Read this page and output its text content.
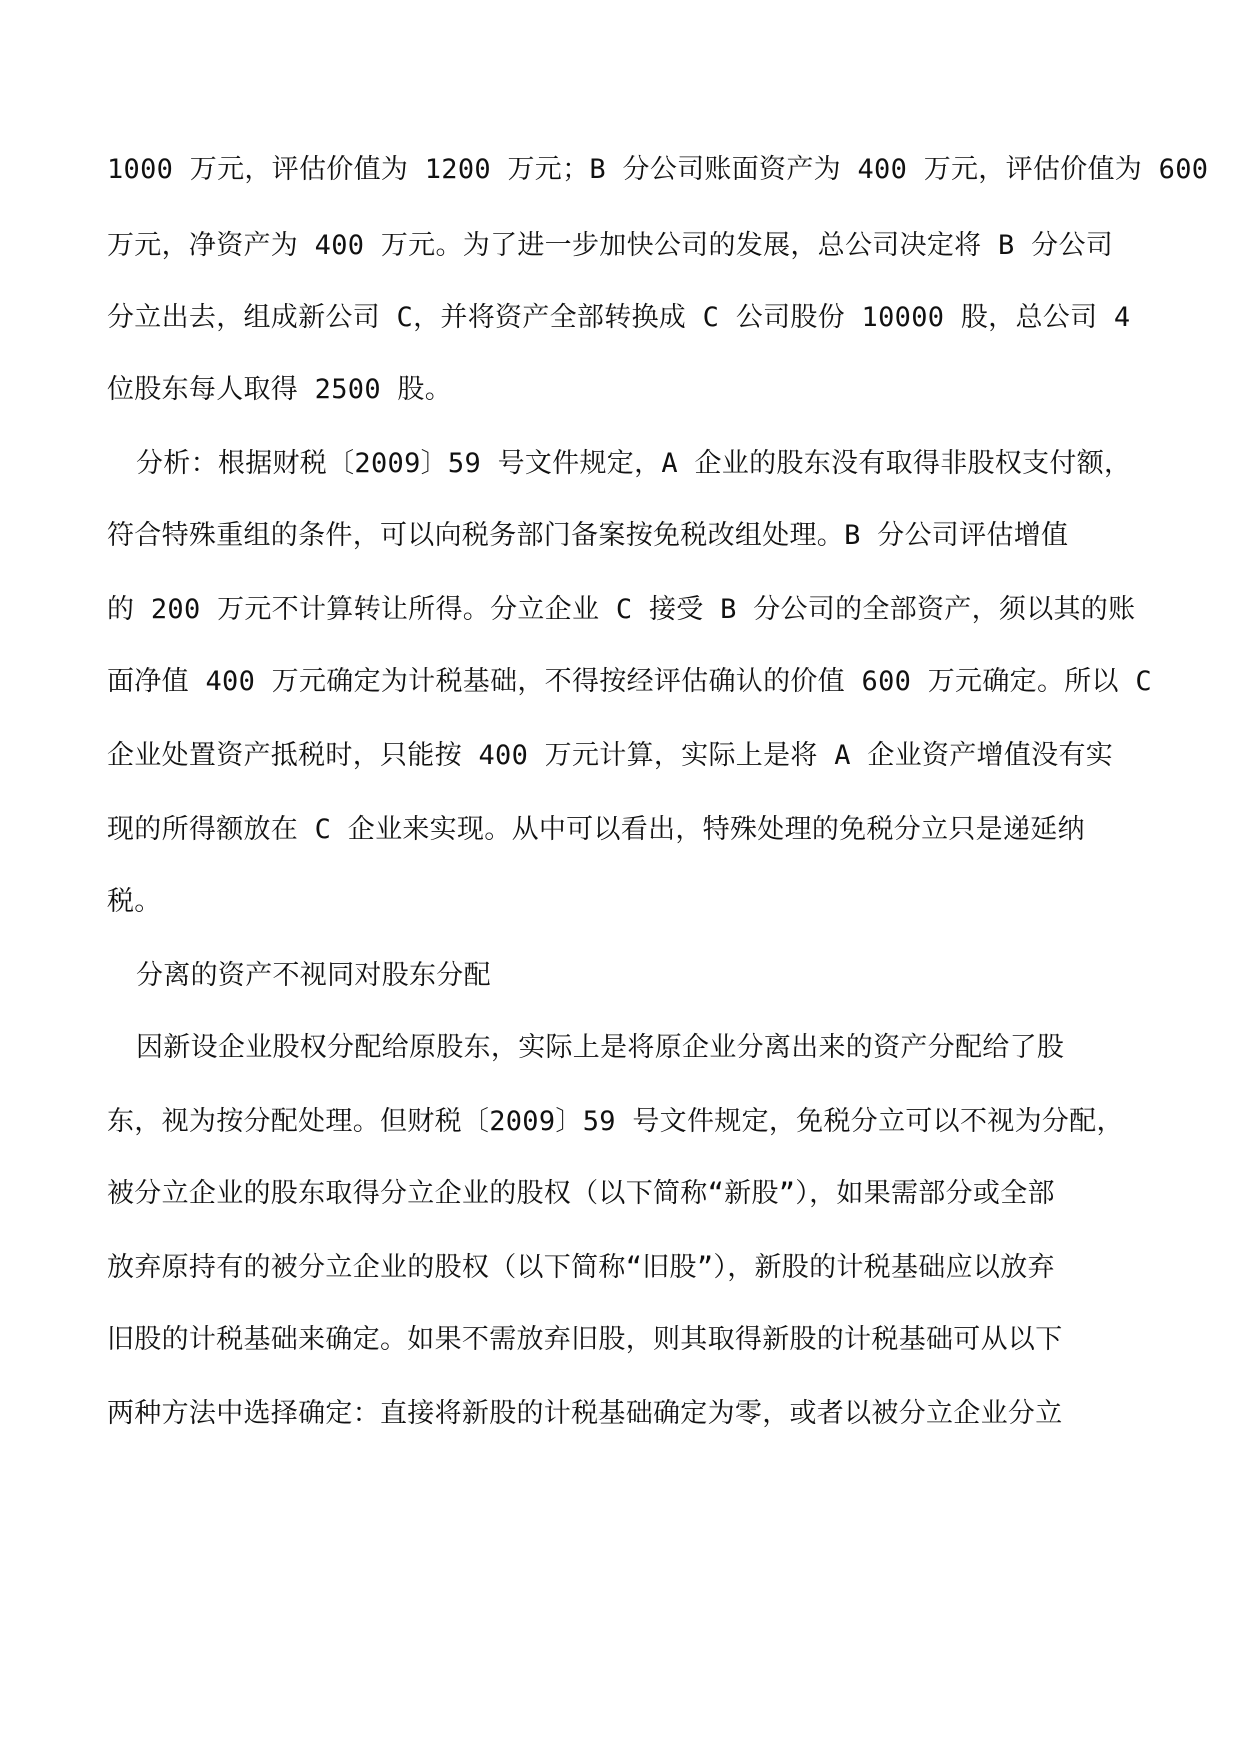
1000 万元，评估价值为 1200 万元；B 分公司账面资产为 400 万元，评估价值为 600
万元，净资产为 400 万元。为了进一步加快公司的发展，总公司决定将 B 分公司
分立出去，组成新公司 C，并将资产全部转换成 C 公司股份 10000 股，总公司 4
位股东每人取得 2500 股。
分析：根据财税〔2009〕59 号文件规定，A 企业的股东没有取得非股权支付额，
符合特殊重组的条件，可以向税务部门备案按免税改组处理。B 分公司评估增值
的 200 万元不计算转让所得。分立企业 C 接受 B 分公司的全部资产，须以其的账
面净值 400 万元确定为计税基础，不得按经评估确认的价值 600 万元确定。所以 C
企业处置资产抵税时，只能按 400 万元计算，实际上是将 A 企业资产增值没有实
现的所得额放在 C 企业来实现。从中可以看出，特殊处理的免税分立只是递延纳
税。
分离的资产不视同对股东分配
因新设企业股权分配给原股东，实际上是将原企业分离出来的资产分配给了股
东，视为按分配处理。但财税〔2009〕59 号文件规定，免税分立可以不视为分配，
被分立企业的股东取得分立企业的股权（以下简称“新股”），如果需部分或全部
放弃原持有的被分立企业的股权（以下简称“旧股”），新股的计税基础应以放弃
旧股的计税基础来确定。如果不需放弃旧股，则其取得新股的计税基础可从以下
两种方法中选择确定：直接将新股的计税基础确定为零，或者以被分立企业分立
